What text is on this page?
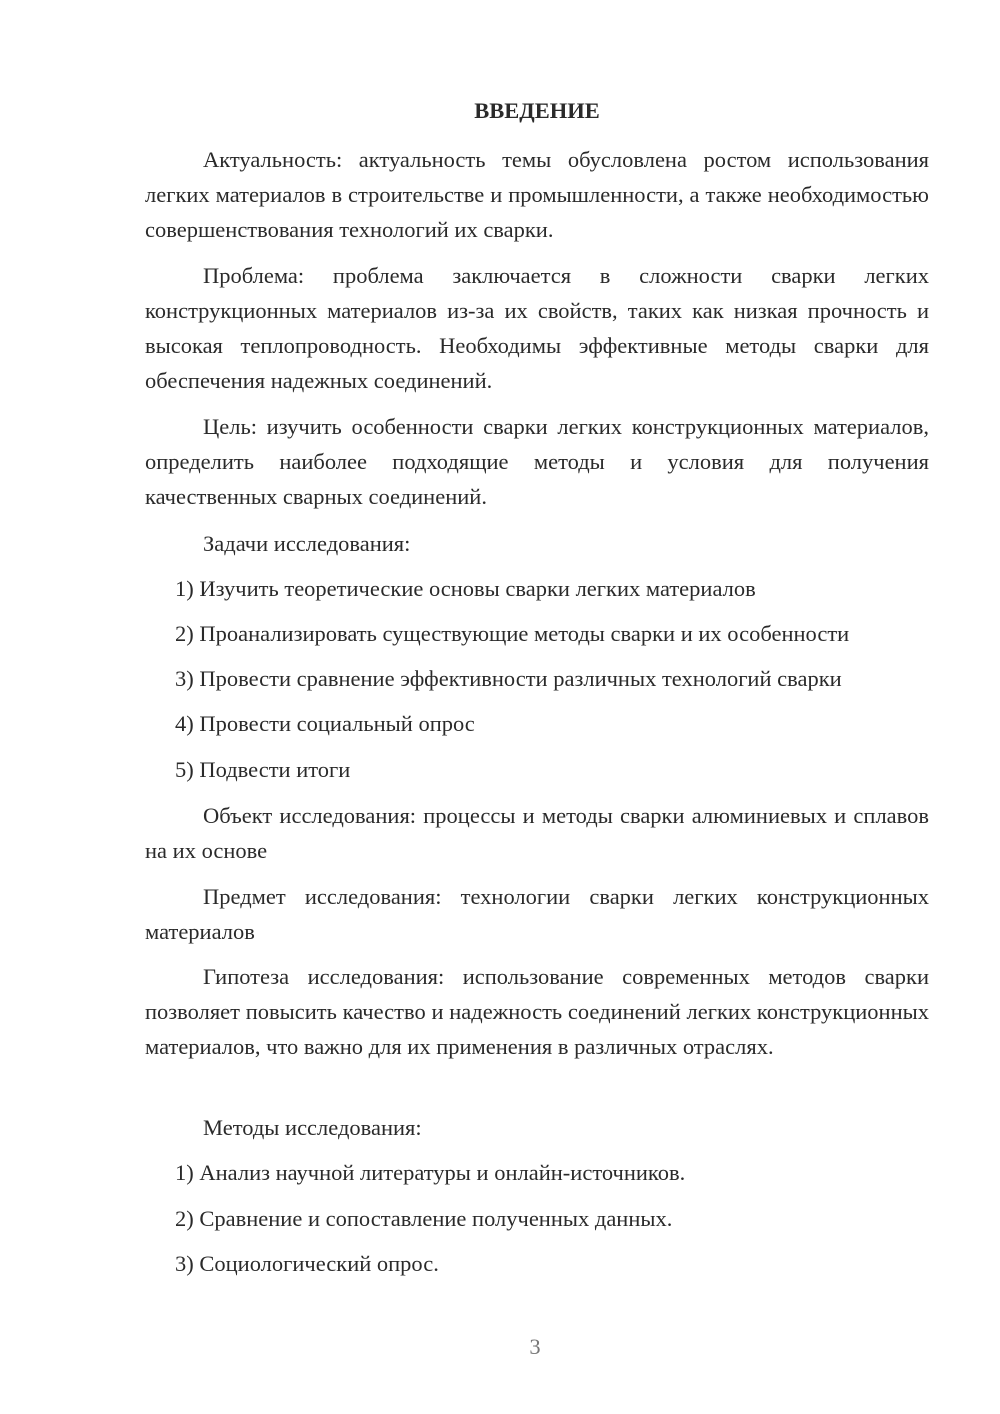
ВВЕДЕНИЕ

Актуальность: актуальность темы обусловлена ростом использования легких материалов в строительстве и промышленности, а также необходимостью совершенствования технологий их сварки.

Проблема: проблема заключается в сложности сварки легких конструкционных материалов из-за их свойств, таких как низкая прочность и высокая теплопроводность. Необходимы эффективные методы сварки для обеспечения надежных соединений.

Цель: изучить особенности сварки легких конструкционных материалов, определить наиболее подходящие методы и условия для получения качественных сварных соединений.

Задачи исследования:

1) Изучить теоретические основы сварки легких материалов

2) Проанализировать существующие методы сварки и их особенности

3) Провести сравнение эффективности различных технологий сварки

4) Провести социальный опрос

5) Подвести итоги

Объект исследования: процессы и методы сварки алюминиевых и сплавов на их основе

Предмет исследования: технологии сварки легких конструкционных материалов

Гипотеза исследования: использование современных методов сварки позволяет повысить качество и надежность соединений легких конструкционных материалов, что важно для их применения в различных отраслях.

Методы исследования:

1) Анализ научной литературы и онлайн-источников.

2) Сравнение и сопоставление полученных данных.

3) Социологический опрос.

3
